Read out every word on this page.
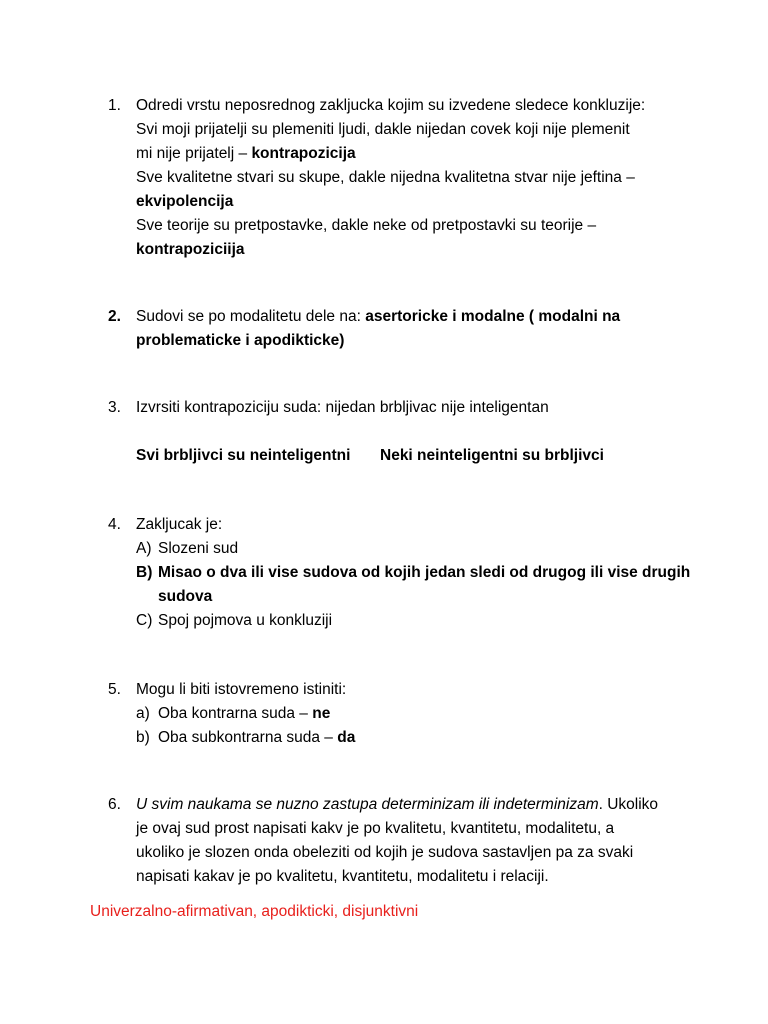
1. Odredi vrstu neposrednog zakljucka kojim su izvedene sledece konkluzije:
Svi moji prijatelji su plemeniti ljudi, dakle nijedan covek koji nije plemenit
mi nije prijatelj – kontrapozicija
Sve kvalitetne stvari su skupe, dakle nijedna kvalitetna stvar nije jeftina –
ekvipolencija
Sve teorije su pretpostavke, dakle neke od pretpostavki su teorije –
kontrapoziciija
2. Sudovi se po modalitetu dele na: asertoricke i modalne ( modalni na
problematicke i apodikticke)
3. Izvrsiti kontrapoziciju suda: nijedan brbljivac nije inteligentan
Svi brbljivci su neinteligentni	Neki neinteligentni su brbljivci
4. Zakljucak je:
A) Slozeni sud
B) Misao o dva ili vise sudova od kojih jedan sledi od drugog ili vise drugih
sudova
C) Spoj pojmova u konkluziji
5. Mogu li biti istovremeno istiniti:
a) Oba kontrarna suda – ne
b) Oba subkontrarna suda – da
6. U svim naukama se nuzno zastupa determinizam ili indeterminizam. Ukoliko
je ovaj sud prost napisati kakv je po kvalitetu, kvantitetu, modalitetu, a
ukoliko je slozen onda obeleziti od kojih je sudova sastavljen pa za svaki
napisati kakav je po kvalitetu, kvantitetu, modalitetu i relaciji.
Univerzalno-afirmativan, apodikticki, disjunktivni
